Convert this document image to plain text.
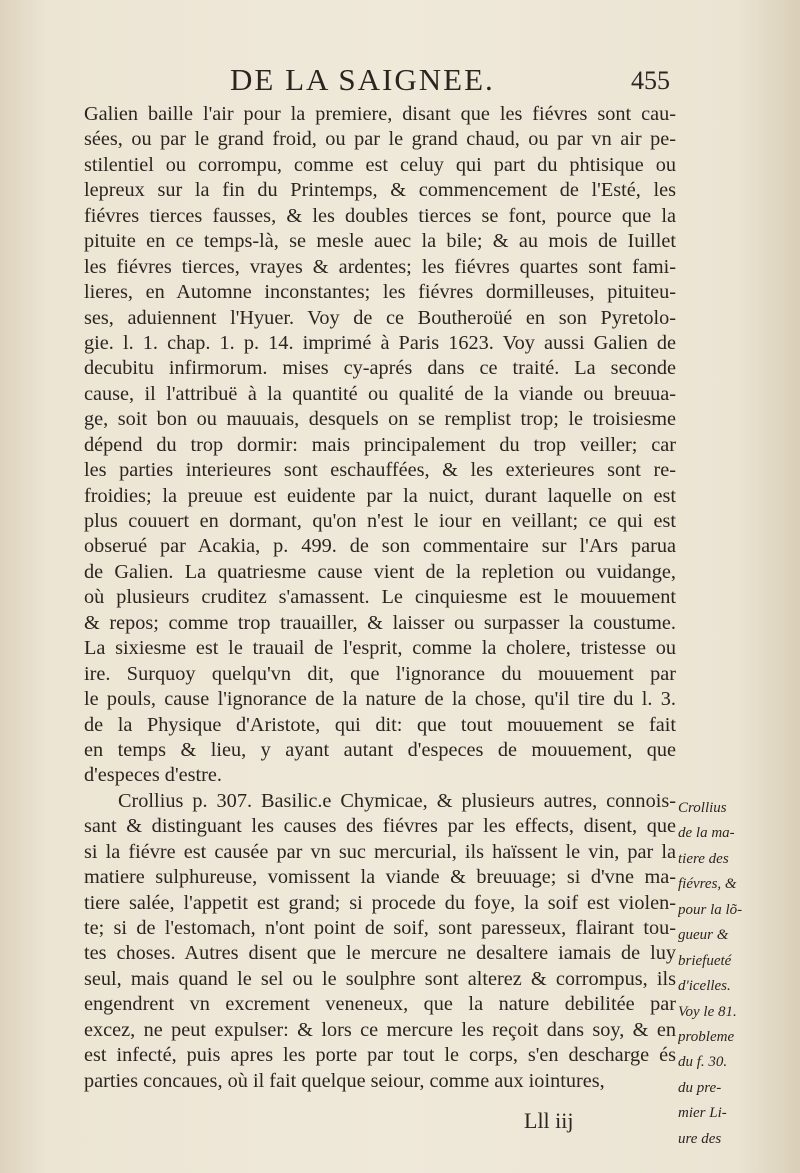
DE LA SAIGNEE.	455
Galien baille l'air pour la premiere, disant que les fiévres sont cau-
sées, ou par le grand froid, ou par le grand chaud, ou par vn air pe-
stilentiel ou corrompu, comme est celuy qui part du phtisique ou
lepreux sur la fin du Printemps, & commencement de l'Esté, les
fiévres tierces fausses, & les doubles tierces se font, pource que la
pituite en ce temps-là, se mesle auec la bile; & au mois de Iuillet
les fiévres tierces, vrayes & ardentes; les fiévres quartes sont fami-
lieres, en Automne inconstantes; les fiévres dormilleuses, pituiteu-
ses, aduiennent l'Hyuer. Voy de ce Boutheroüé en son Pyretolo-
gie. l. 1. chap. 1. p. 14. imprimé à Paris 1623. Voy aussi Galien de
decubitu infirmorum. mises cy-aprés dans ce traité. La seconde
cause, il l'attribuë à la quantité ou qualité de la viande ou breuua-
ge, soit bon ou mauuais, desquels on se remplist trop; le troisiesme
dépend du trop dormir: mais principalement du trop veiller; car
les parties interieures sont eschauffées, & les exterieures sont re-
froidies; la preuue est euidente par la nuict, durant laquelle on est
plus couuert en dormant, qu'on n'est le iour en veillant; ce qui est
obserué par Acakia, p. 499. de son commentaire sur l'Ars parua
de Galien. La quatriesme cause vient de la repletion ou vuidange,
où plusieurs cruditez s'amassent. Le cinquiesme est le mouuement
& repos; comme trop trauailler, & laisser ou surpasser la coustume.
La sixiesme est le trauail de l'esprit, comme la cholere, tristesse ou
ire. Surquoy quelqu'vn dit, que l'ignorance du mouuement par
le pouls, cause l'ignorance de la nature de la chose, qu'il tire du l. 3.
de la Physique d'Aristote, qui dit: que tout mouuement se fait
en temps & lieu, y ayant autant d'especes de mouuement, que
d'especes d'estre.
Crollius p. 307. Basilic.e Chymicae, & plusieurs autres, connois-
sant & distinguant les causes des fiévres par les effects, disent, que
si la fiévre est causée par vn suc mercurial, ils haïssent le vin, par la
matiere sulphureuse, vomissent la viande & breuuage; si d'vne ma-
tiere salée, l'appetit est grand; si procede du foye, la soif est violen-
te; si de l'estomach, n'ont point de soif, sont paresseux, flairant tou-
tes choses. Autres disent que le mercure ne desaltere iamais de luy
seul, mais quand le sel ou le soulphre sont alterez & corrompus, ils
engendrent vn excrement veneneux, que la nature debilitée par
excez, ne peut expulser: & lors ce mercure les reçoit dans soy, & en
est infecté, puis apres les porte par tout le corps, s'en descharge és
parties concaues, où il fait quelque seiour, comme aux iointures,
Crollius
de la ma-
tiere des
fiévres, &
pour la lõ-
gueur &
briefueté
d'icelles.
Voy le 81.
probleme
du f. 30.
du pre-
mier Li-
ure des
Lll iij
